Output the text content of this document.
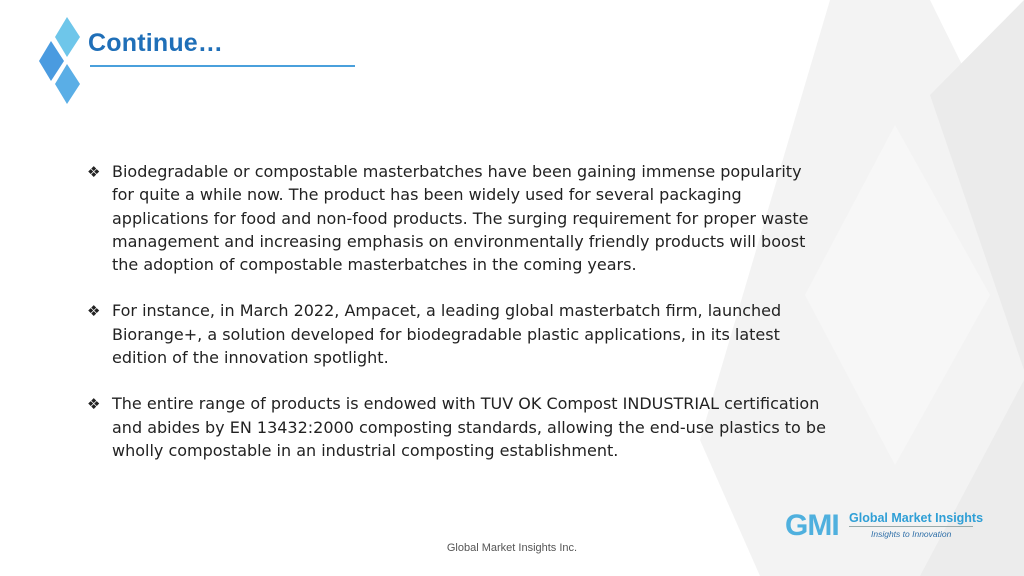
Continue…
❖ Biodegradable or compostable masterbatches have been gaining immense popularity for quite a while now. The product has been widely used for several packaging applications for food and non-food products. The surging requirement for proper waste management and increasing emphasis on environmentally friendly products will boost the adoption of compostable masterbatches in the coming years.
❖ For instance, in March 2022, Ampacet, a leading global masterbatch firm, launched Biorange+, a solution developed for biodegradable plastic applications, in its latest edition of the innovation spotlight.
❖ The entire range of products is endowed with TUV OK Compost INDUSTRIAL certification and abides by EN 13432:2000 composting standards, allowing the end-use plastics to be wholly compostable in an industrial composting establishment.
GMI Global Market Insights
Insights to Innovation
Global Market Insights Inc.
